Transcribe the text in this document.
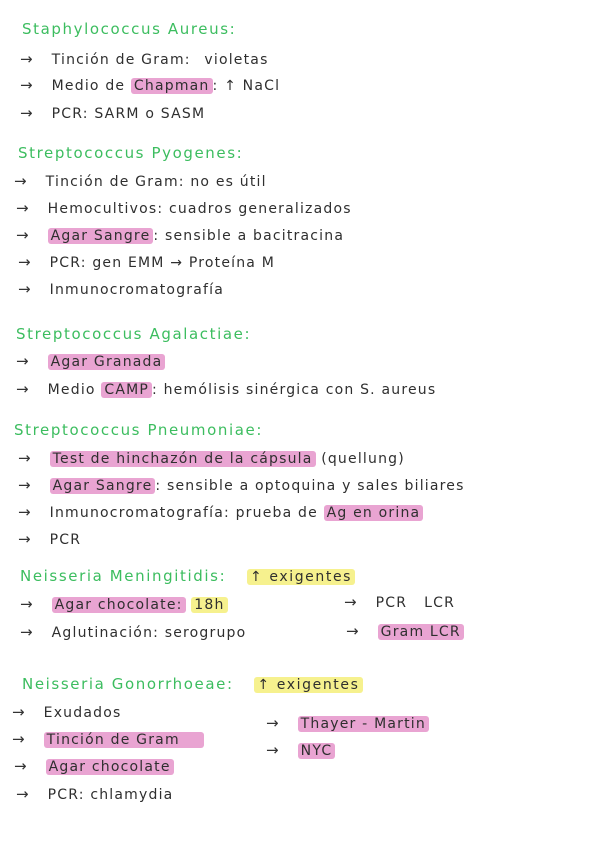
Staphylococcus Aureus:
→ Tinción de Gram: violetas
→ Medio de Chapman : ↑ NaCl
→ PCR: SARM o SASM
Streptococcus Pyogenes:
→ Tinción de Gram: no es útil
→ Hemocultivos: cuadros generalizados
→ Agar Sangre : sensible a bacitracina
→ PCR: gen EMM → Proteína M
→ Inmunocromatografía
Streptococcus Agalactiae:
→ Agar Granada
→ Medio CAMP : hemólisis sinérgica con S. aureus
Streptococcus Pneumoniae:
→ Test de hinchazón de la cápsula (quellung)
→ Agar Sangre : sensible a optoquina y sales biliares
→ Inmunocromatografía: prueba de Ag en orina
→ PCR
Neisseria Meningitidis: ↑ exigentes
→ Agar chocolate: 18h	→ PCR   LCR
→ Aglutinación: serogrupo	→ Gram LCR
Neisseria Gonorrhoeae: ↑ exigentes
→ Exudados
→ Tinción de Gram
→ Agar chocolate
→ PCR: chlamydia
→ Thayer - Martin
→ NYC
